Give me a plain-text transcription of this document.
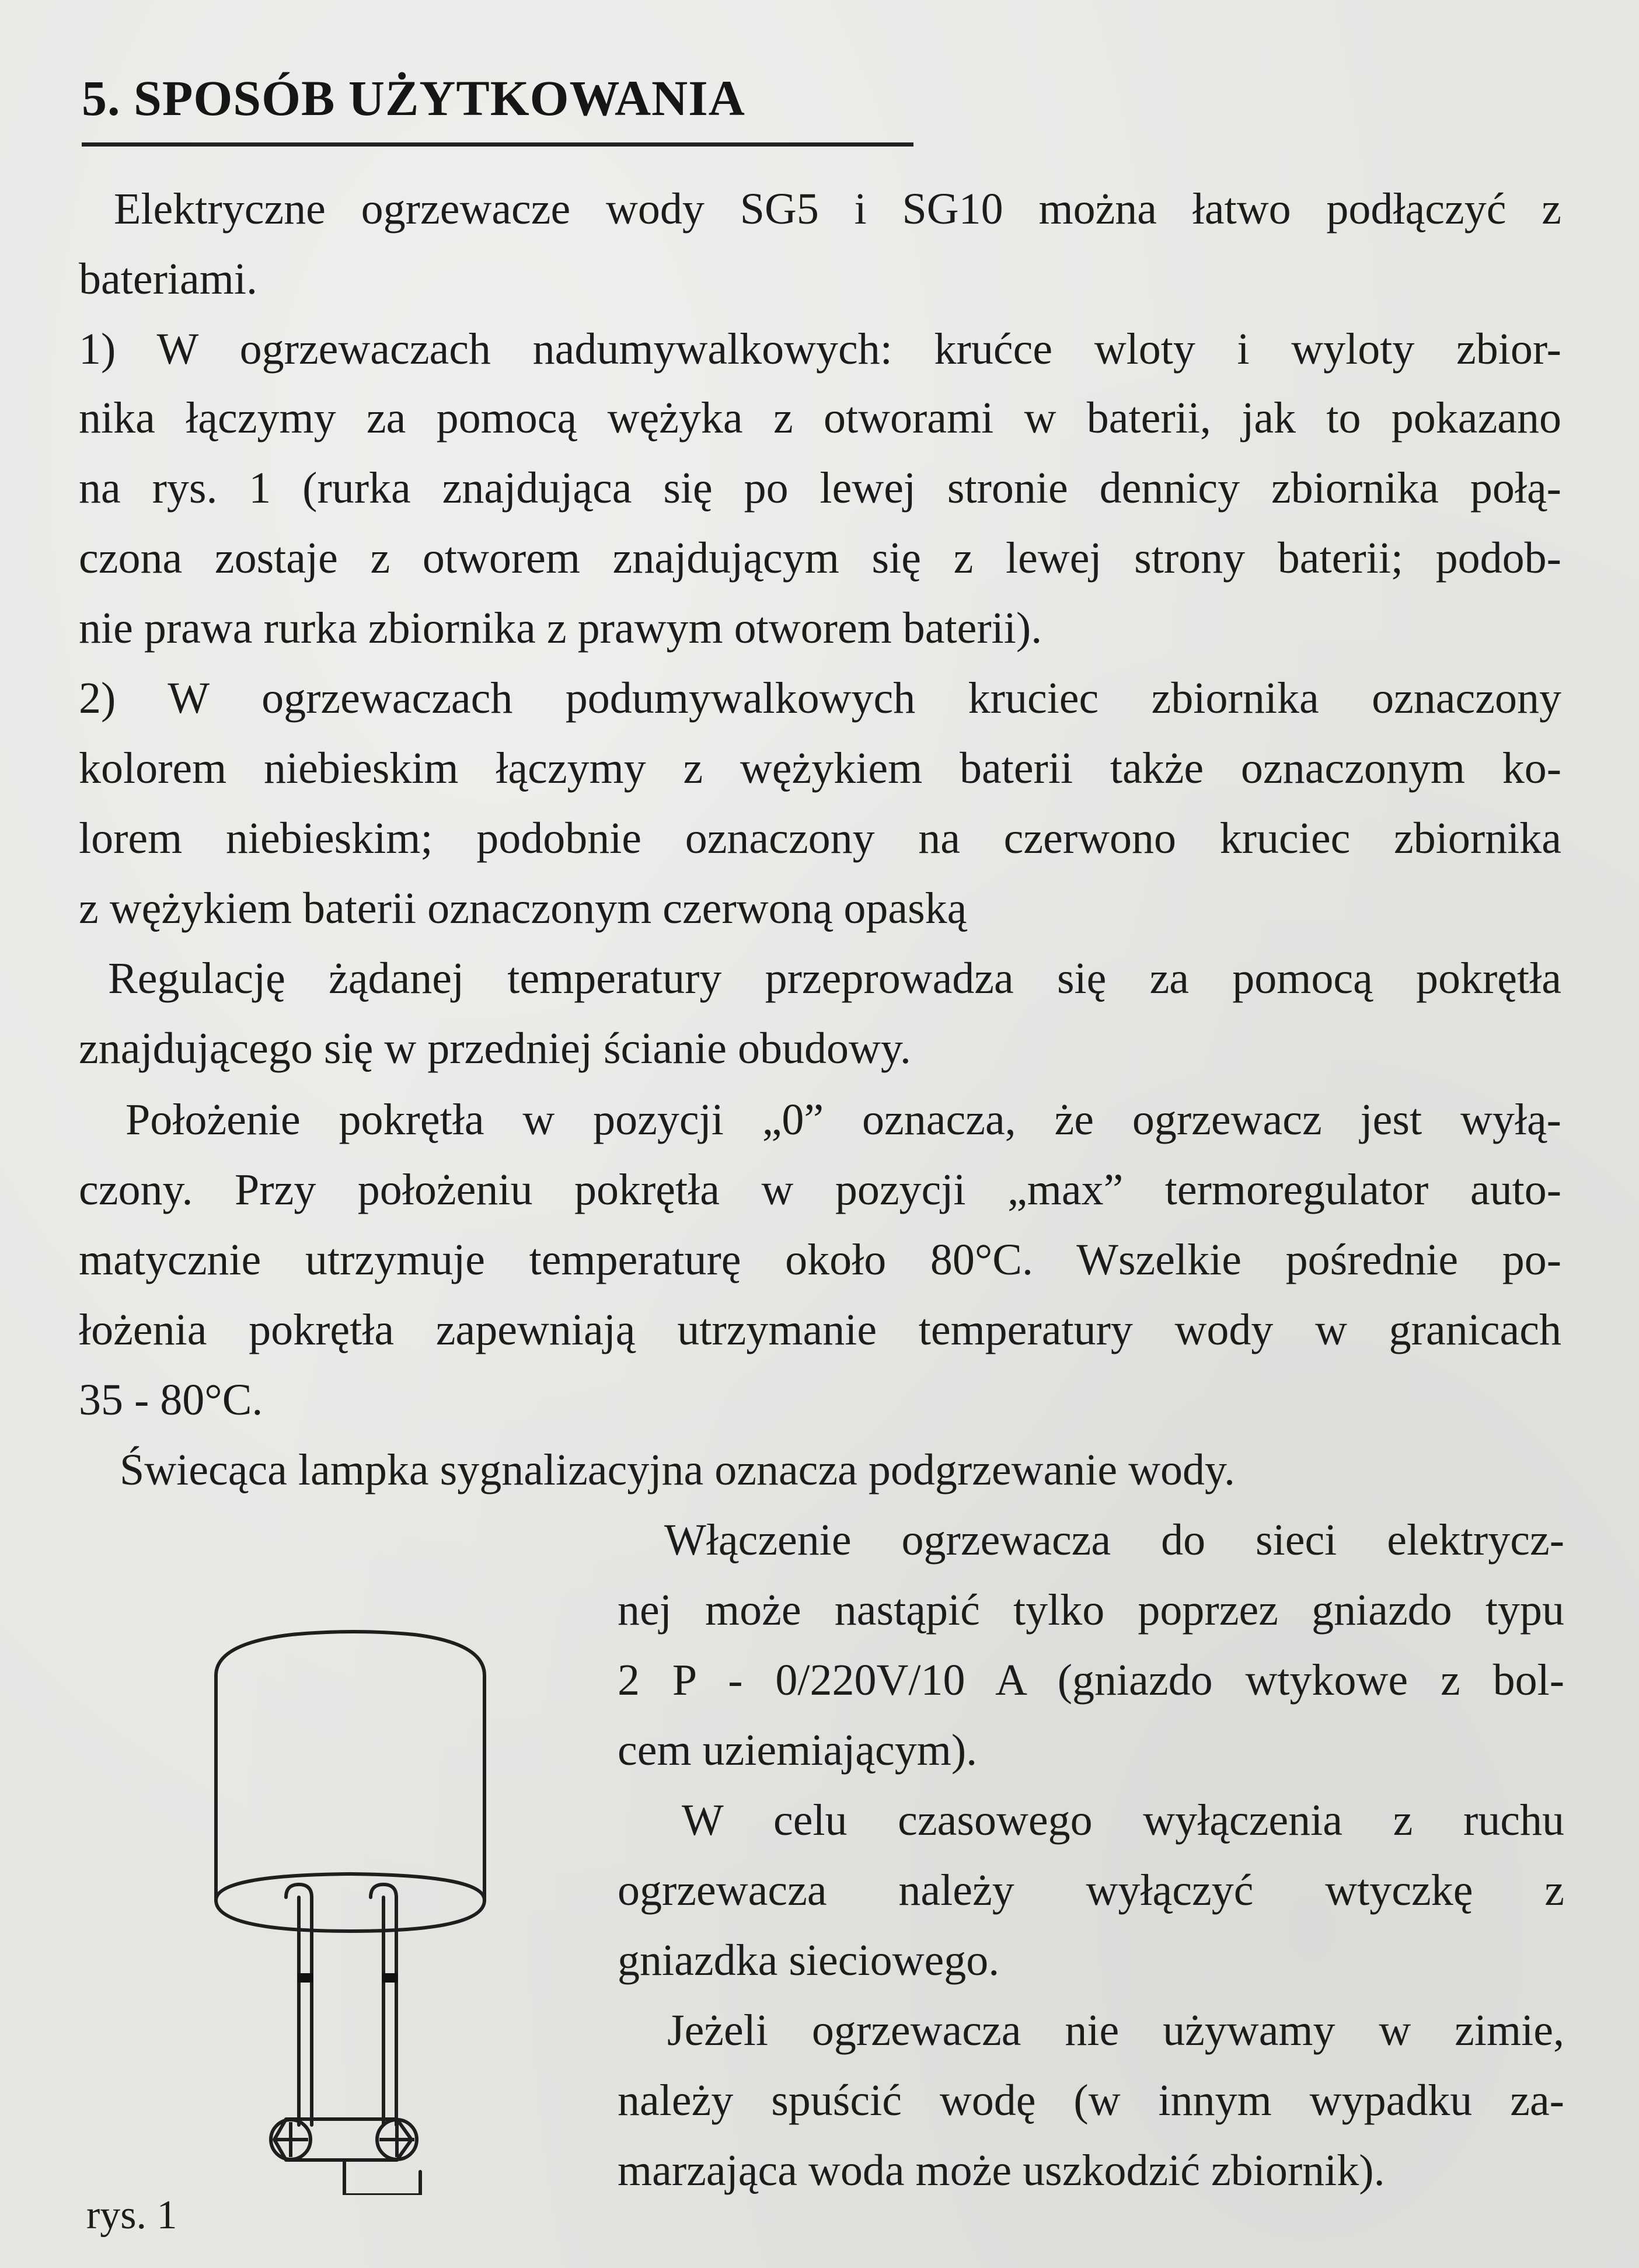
5. SPOSÓB UŻYTKOWANIA
Elektryczne ogrzewacze wody SG5 i SG10 można łatwo podłączyć z
bateriami.
1) W ogrzewaczach nadumywalkowych: krućce wloty i wyloty zbior-
nika łączymy za pomocą wężyka z otworami w baterii, jak to pokazano
na rys. 1 (rurka znajdująca się po lewej stronie dennicy zbiornika połą-
czona zostaje z otworem znajdującym się z lewej strony baterii; podob-
nie prawa rurka zbiornika z prawym otworem baterii).
2) W ogrzewaczach podumywalkowych kruciec zbiornika oznaczony
kolorem niebieskim łączymy z wężykiem baterii także oznaczonym ko-
lorem niebieskim; podobnie oznaczony na czerwono kruciec zbiornika
z wężykiem baterii oznaczonym czerwoną opaską
Regulację żądanej temperatury przeprowadza się za pomocą pokrętła
znajdującego się w przedniej ścianie obudowy.
Położenie pokrętła w pozycji „0” oznacza, że ogrzewacz jest wyłą-
czony. Przy położeniu pokrętła w pozycji „max” termoregulator auto-
matycznie utrzymuje temperaturę około 80°C. Wszelkie pośrednie po-
łożenia pokrętła zapewniają utrzymanie temperatury wody w granicach
35 - 80°C.
Świecąca lampka sygnalizacyjna oznacza podgrzewanie wody.
Włączenie ogrzewacza do sieci elektrycz-
nej może nastąpić tylko poprzez gniazdo typu
2 P - 0/220V/10 A (gniazdo wtykowe z bol-
cem uziemiającym).
W celu czasowego wyłączenia z ruchu
ogrzewacza należy wyłączyć wtyczkę z
gniazdka sieciowego.
Jeżeli ogrzewacza nie używamy w zimie,
należy spuścić wodę (w innym wypadku za-
marzająca woda może uszkodzić zbiornik).
rys. 1
